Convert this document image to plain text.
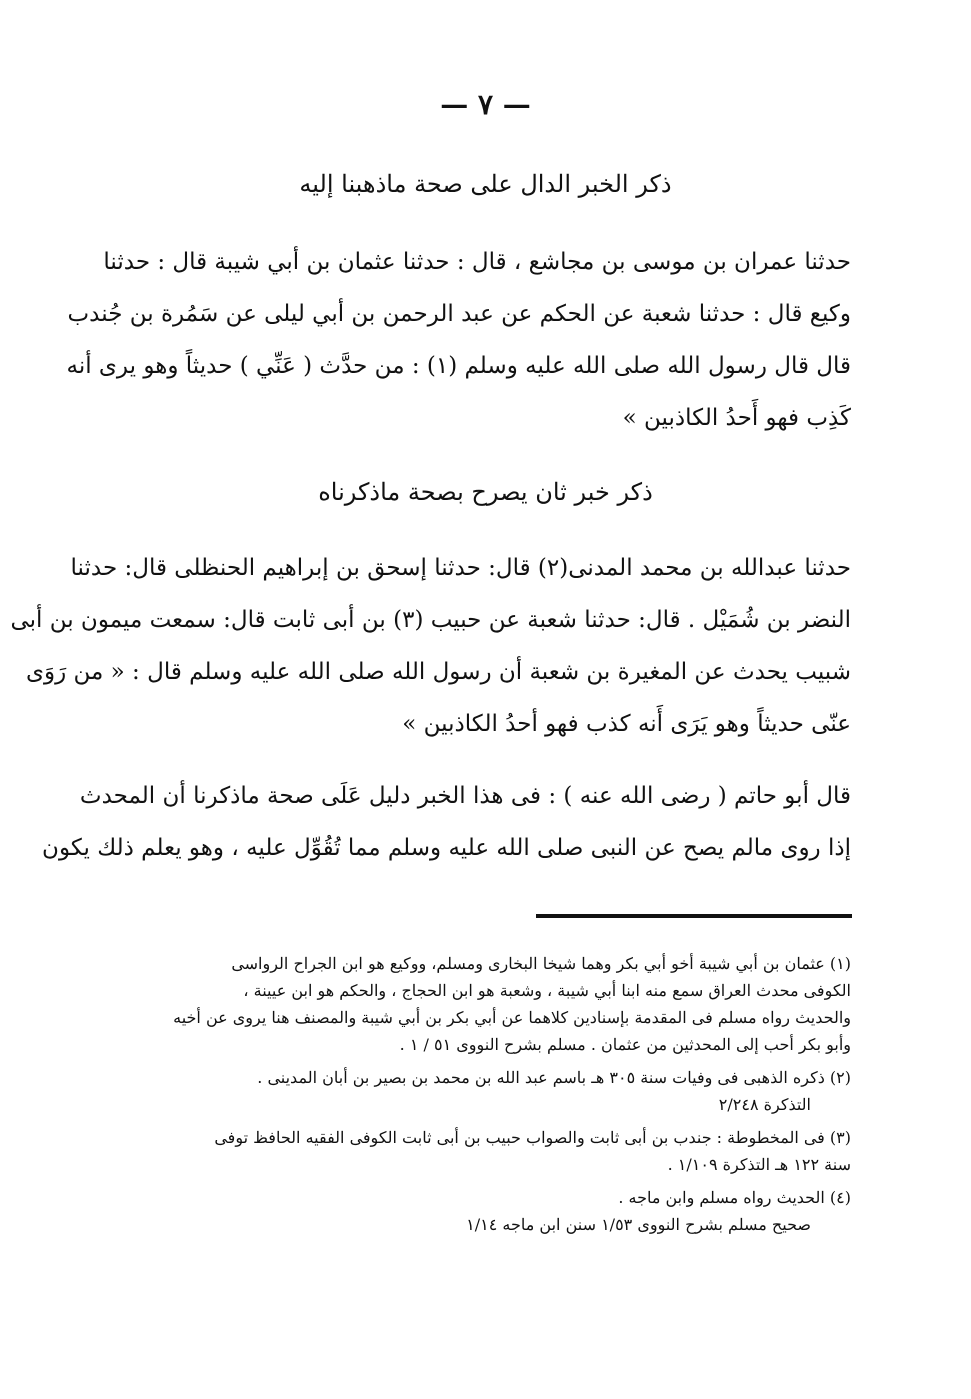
— ٧ —
ذكر الخبر الدال على صحة ماذهبنا إليه

حدثنا عمران بن موسى بن مجاشع ، قال : حدثنا عثمان بن أبي شيبة قال : حدثنا
وكيع قال : حدثنا شعبة عن الحكم عن عبد الرحمن بن أبي ليلى عن سَمُرة بن جُندب
قال قال رسول الله صلى الله عليه وسلم (١) : من حدَّث ( عَنِّي ) حديثاً وهو يرى أنه
كَذِب فهو أَحدُ الكاذبين »

ذكر خبر ثان يصرح بصحة ماذكرناه

حدثنا عبدالله بن محمد المدنى(٢) قال: حدثنا إسحق بن إبراهيم الحنظلى قال: حدثنا
النضر بن شُمَيْل . قال: حدثنا شعبة عن حبيب (٣) بن أبى ثابت قال: سمعت ميمون بن أبى
شبيب يحدث عن المغيرة بن شعبة أن رسول الله صلى الله عليه وسلم قال : « من رَوَى
عنّى حديثاً وهو يَرَى أَنه كذب فهو أحدُ الكاذبين »

قال أبو حاتم ( رضى الله عنه ) : فى هذا الخبر دليل عَلَى صحة ماذكرنا أن المحدث
إذا روى مالم يصح عن النبى صلى الله عليه وسلم مما تُقُوِّل عليه ، وهو يعلم ذلك يكون

(١) عثمان بن أبي شيبة أخو أبي بكر وهما شيخا البخارى ومسلم، ووكيع هو ابن الجراح الرواسى
الكوفى محدث العراق سمع منه ابنا أبي شيبة ، وشعبة هو ابن الحجاج ، والحكم هو ابن عيينة ،
والحديث رواه مسلم فى المقدمة بإسنادين كلاهما عن أبي بكر بن أبي شيبة والمصنف هنا يروى عن أخيه
وأبو بكر أحب إلى المحدثين من عثمان . مسلم بشرح النووى ٥١ / ١ .

(٢) ذكره الذهبى فى وفيات سنة ٣٠٥ هـ باسم عبد الله بن محمد بن بصير بن أبان المدينى .
التذكرة ٢/٢٤٨

(٣) فى المخطوطة : جندب بن أبى ثابت والصواب حبيب بن أبى ثابت الكوفى الفقيه الحافظ توفى
سنة ١٢٢ هـ التذكرة ١/١٠٩ .

(٤) الحديث رواه مسلم وابن ماجه .
صحيح مسلم بشرح النووى ١/٥٣ سنن ابن ماجه ١/١٤
